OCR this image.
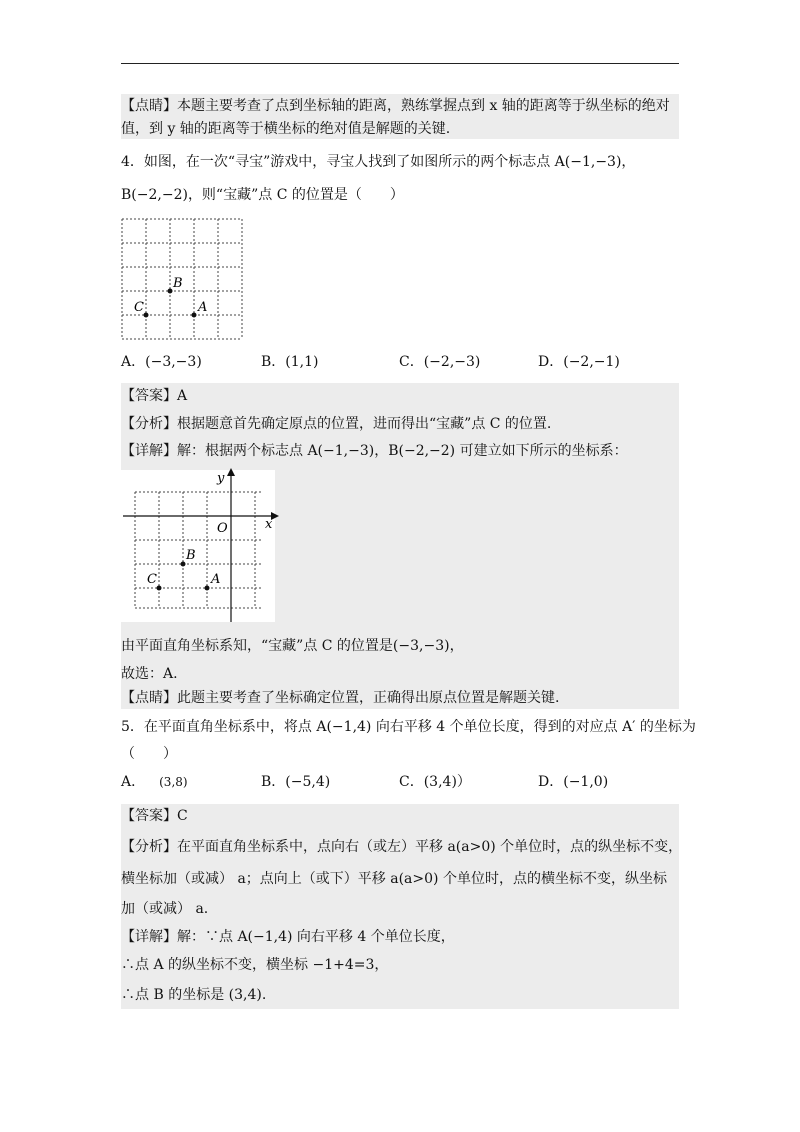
【点睛】本题主要考查了点到坐标轴的距离，熟练掌握点到 x 轴的距离等于纵坐标的绝对
值，到 y 轴的距离等于横坐标的绝对值是解题的关键.
4．如图，在一次“寻宝”游戏中，寻宝人找到了如图所示的两个标志点 A(−1,−3)，
B(−2,−2)，则“宝藏”点 C 的位置是（　　）
B
C	A
A．(−3,−3)	B．(1,1)	C．(−2,−3)	D．(−2,−1)
【答案】A
【分析】根据题意首先确定原点的位置，进而得出“宝藏”点 C 的位置.
【详解】解：根据两个标志点 A(−1,−3)，B(−2,−2) 可建立如下所示的坐标系：
y
x
O
B
C	A
由平面直角坐标系知，“宝藏”点 C 的位置是(−3,−3)，
故选：A.
【点睛】此题主要考查了坐标确定位置，正确得出原点位置是解题关键.
5．在平面直角坐标系中，将点 A(−1,4) 向右平移 4 个单位长度，得到的对应点 A′ 的坐标为
（　　）
A． (3,8)	B．(−5,4)	C．(3,4)）	D．(−1,0)
【答案】C
【分析】在平面直角坐标系中，点向右（或左）平移 a(a>0) 个单位时，点的纵坐标不变，
横坐标加（或减） a；点向上（或下）平移 a(a>0) 个单位时，点的横坐标不变，纵坐标
加（或减） a.
【详解】解：∵点 A(−1,4) 向右平移 4 个单位长度，
∴点 A 的纵坐标不变，横坐标 −1+4=3，
∴点 B 的坐标是 (3,4).
